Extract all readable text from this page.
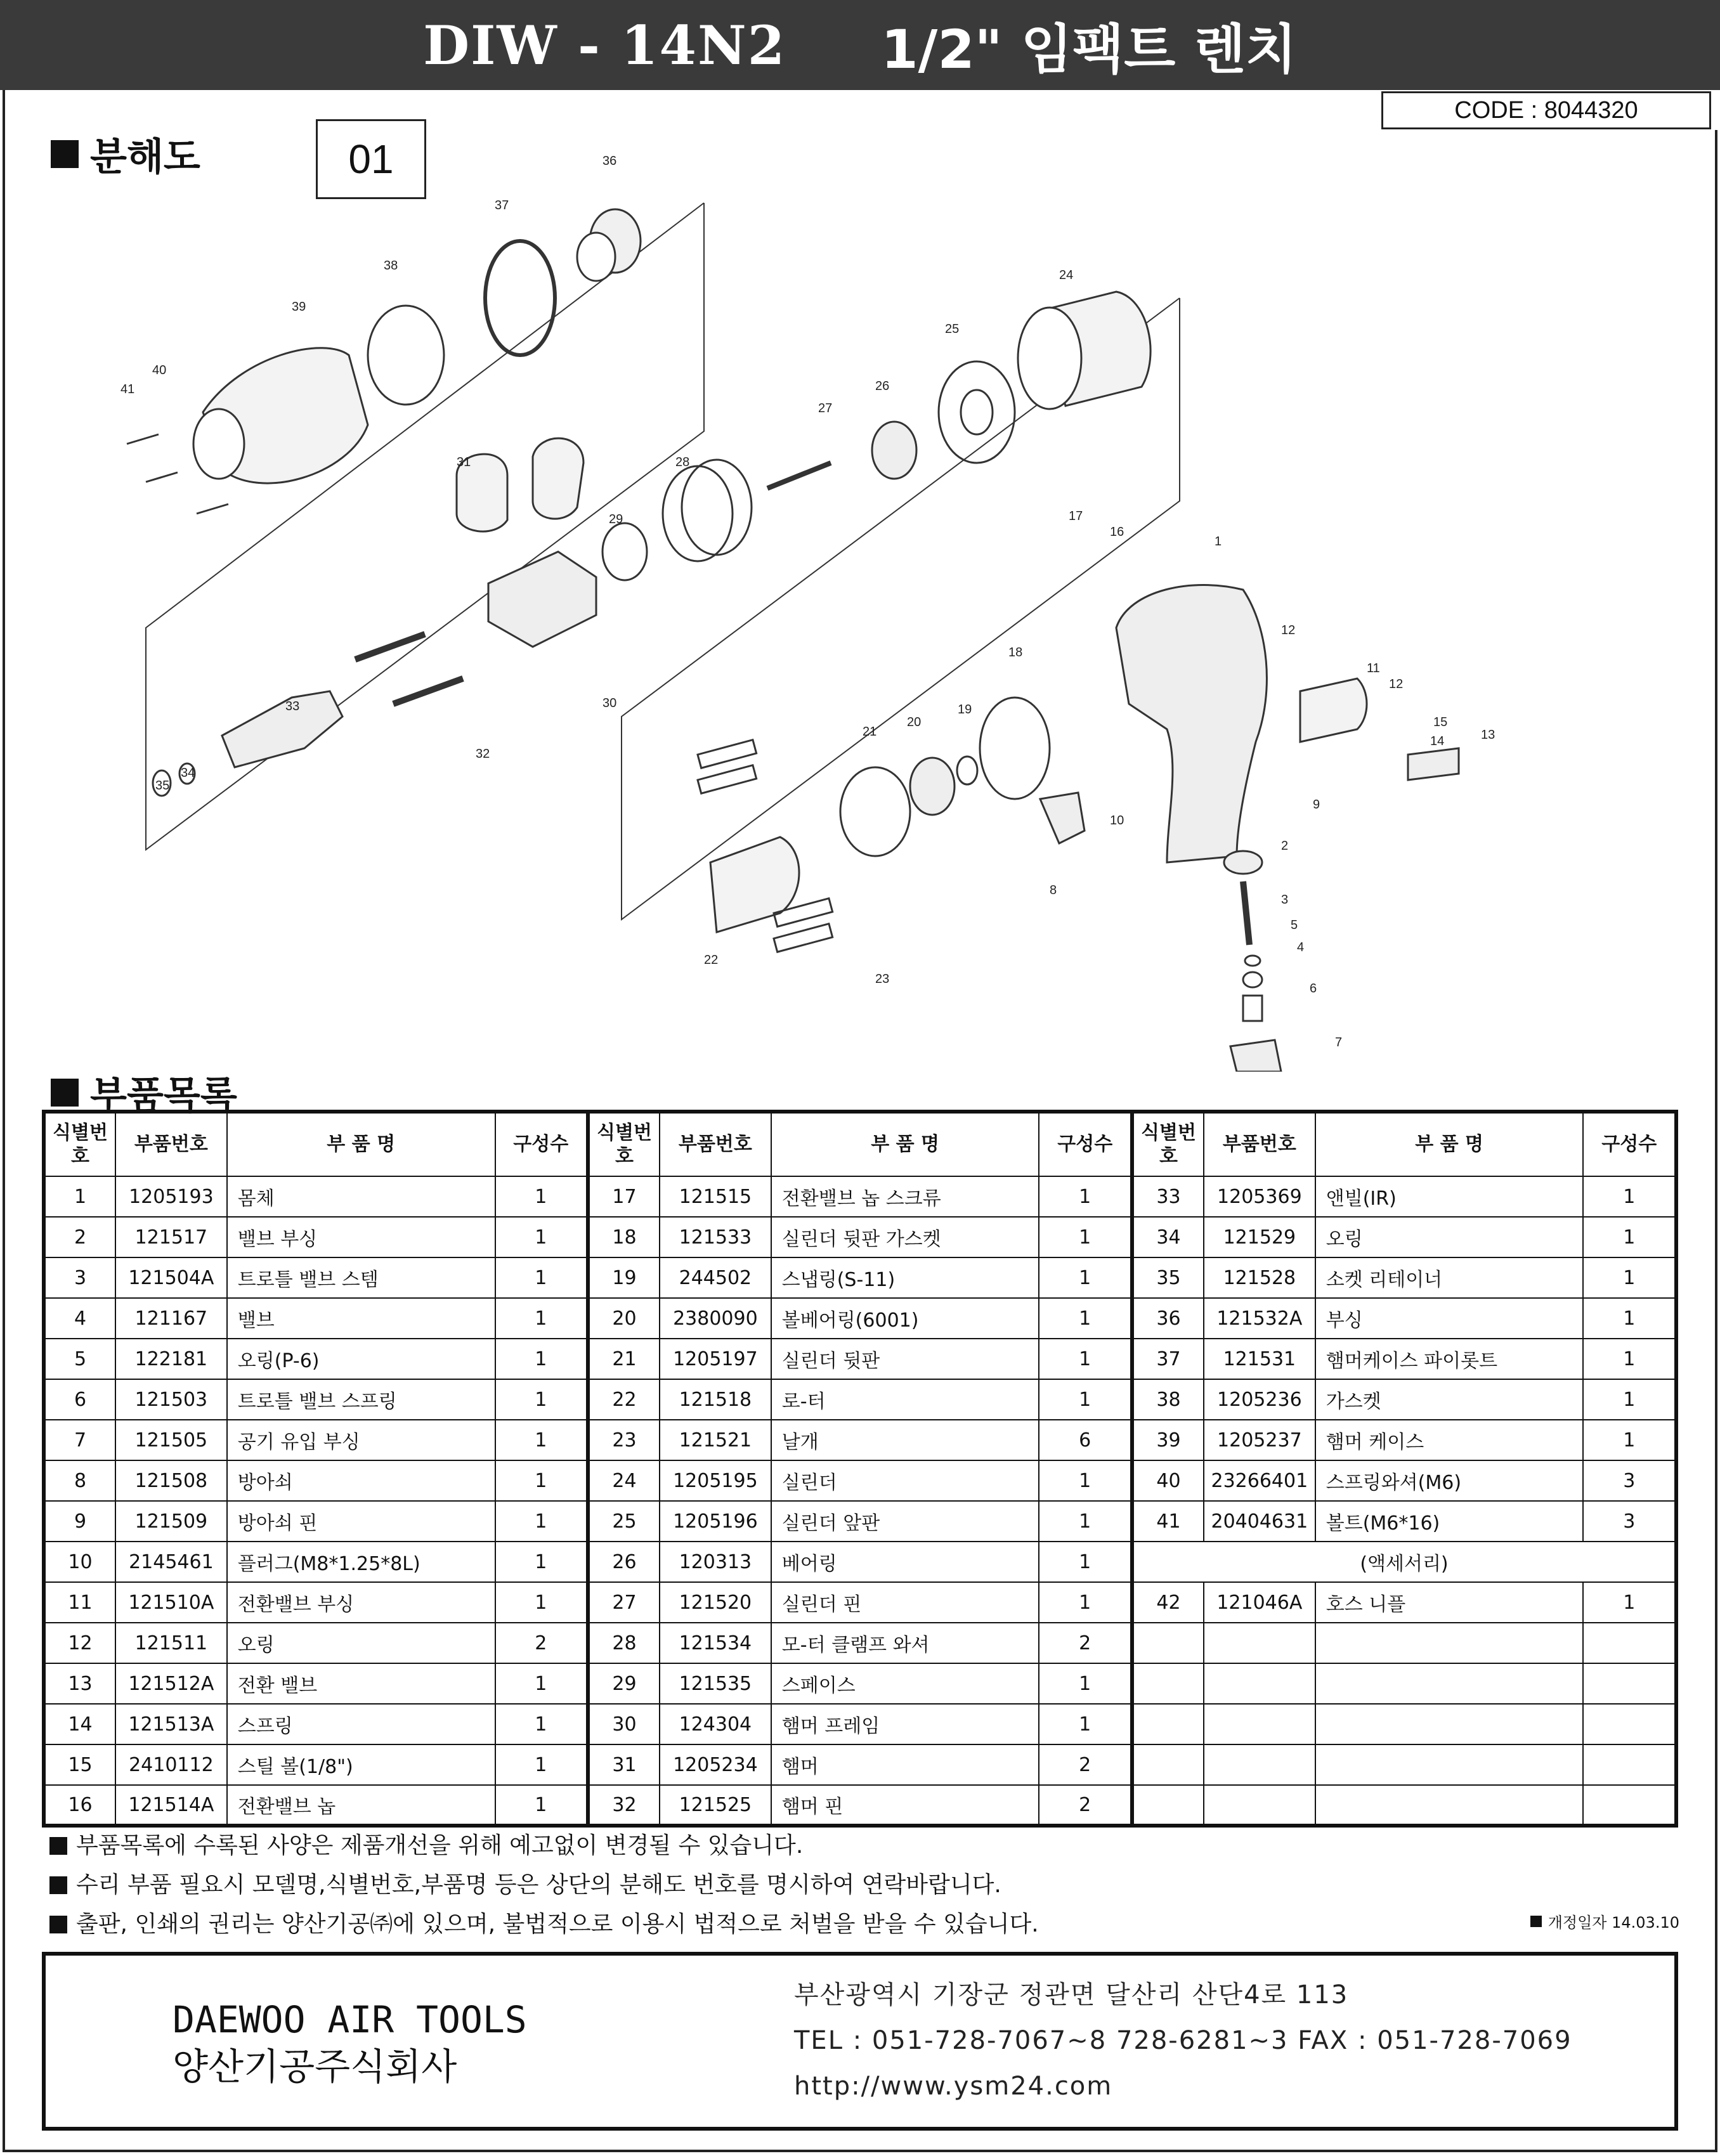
DIW - 14N2 1/2" 임팩트 렌치
CODE : 8044320
분해도	01	36
37
38
39
40
41
24
25
26
27
28
29
31
30
33
32
34
35
17
16
1
12
11
12
15
14	13
18
19
20
21
10
9
2
3
5
4
6
7
8
22
23
부품목록
식별번호	부품번호	부 품 명	구성수	식별번호	부품번호	부 품 명	구성수	식별번호	부품번호	부 품 명	구성수
1	1205193	몸체	1	17	121515	전환밸브 놉 스크류	1	33	1205369	앤빌(IR)	1
2	121517	밸브 부싱	1	18	121533	실린더 뒷판 가스켓	1	34	121529	오링	1
3	121504A	트로틀 밸브 스템	1	19	244502	스냅링(S-11)	1	35	121528	소켓 리테이너	1
4	121167	밸브	1	20	2380090	볼베어링(6001)	1	36	121532A	부싱	1
5	122181	오링(P-6)	1	21	1205197	실린더 뒷판	1	37	121531	햄머케이스 파이롯트	1
6	121503	트로틀 밸브 스프링	1	22	121518	로-터	1	38	1205236	가스켓	1
7	121505	공기 유입 부싱	1	23	121521	날개	6	39	1205237	햄머 케이스	1
8	121508	방아쇠	1	24	1205195	실린더	1	40	23266401	스프링와셔(M6)	3
9	121509	방아쇠 핀	1	25	1205196	실린더 앞판	1	41	20404631	볼트(M6*16)	3
10	2145461	플러그(M8*1.25*8L)	1	26	120313	베어링	1	(액세서리)			
11	121510A	전환밸브 부싱	1	27	121520	실린더 핀	1	42	121046A	호스 니플	1
12	121511	오링	2	28	121534	모-터 클램프 와셔	2				
13	121512A	전환 밸브	1	29	121535	스페이스	1				
14	121513A	스프링	1	30	124304	햄머 프레임	1				
15	2410112	스틸 볼(1/8")	1	31	1205234	햄머	2				
16	121514A	전환밸브 놉	1	32	121525	햄머 핀	2				
부품목록에 수록된 사양은 제품개선을 위해 예고없이 변경될 수 있습니다.
수리 부품 필요시 모델명,식별번호,부품명 등은 상단의 분해도 번호를 명시하여 연락바랍니다.
출판, 인쇄의 권리는 양산기공㈜에 있으며, 불법적으로 이용시 법적으로 처벌을 받을 수 있습니다.	개정일자 14.03.10
DAEWOO AIR TOOLS
양산기공주식회사
부산광역시 기장군 정관면 달산리 산단4로 113
TEL : 051-728-7067~8 728-6281~3 FAX : 051-728-7069
http://www.ysm24.com
